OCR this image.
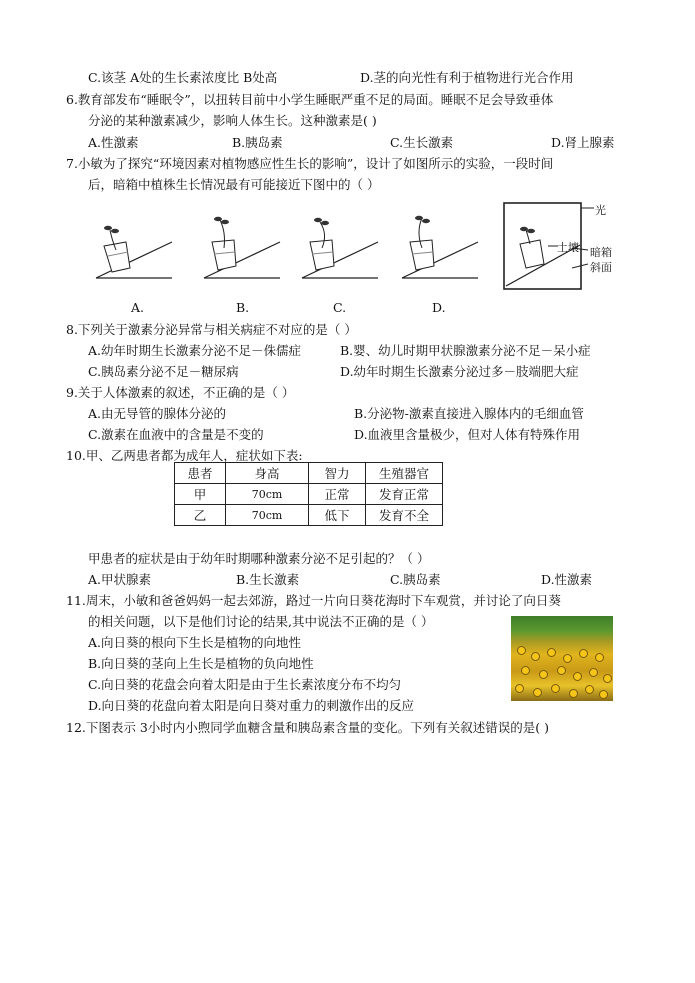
C.该茎 A处的生长素浓度比 B处高	D.茎的向光性有利于植物进行光合作用
6.教育部发布“睡眠令”，以扭转目前中小学生睡眠严重不足的局面。睡眠不足会导致垂体
分泌的某种激素减少，影响人体生长。这种激素是( )
A.性激素	B.胰岛素	C.生长激素	D.肾上腺素
7.小敏为了探究“环境因素对植物感应性生长的影响”，设计了如图所示的实验，一段时间
后，暗箱中植株生长情况最有可能接近下图中的（ ）
A.	B.	C.	D.
光
土壤 暗箱
斜面
8.下列关于激素分泌异常与相关病症不对应的是（ ）
A.幼年时期生长激素分泌不足－侏儒症	B.婴、幼儿时期甲状腺激素分泌不足－呆小症
C.胰岛素分泌不足－糖尿病	D.幼年时期生长激素分泌过多－肢端肥大症
9.关于人体激素的叙述，不正确的是（ ）
A.由无导管的腺体分泌的	B.分泌物-激素直接进入腺体内的毛细血管
C.激素在血液中的含量是不变的	D.血液里含量极少，但对人体有特殊作用
10.甲、乙两患者都为成年人，症状如下表:
患者	身高	智力	生殖器官
甲	70cm	正常	发育正常
乙	70cm	低下	发育不全
甲患者的症状是由于幼年时期哪种激素分泌不足引起的？（ ）
A.甲状腺素	B.生长激素	C.胰岛素	D.性激素
11.周末，小敏和爸爸妈妈一起去郊游，路过一片向日葵花海时下车观赏，并讨论了向日葵
的相关问题，以下是他们讨论的结果,其中说法不正确的是（ ）
A.向日葵的根向下生长是植物的向地性
B.向日葵的茎向上生长是植物的负向地性
C.向日葵的花盘会向着太阳是由于生长素浓度分布不均匀
D.向日葵的花盘向着太阳是向日葵对重力的刺激作出的反应
12.下图表示 3小时内小煦同学血糖含量和胰岛素含量的变化。下列有关叙述错误的是( )
